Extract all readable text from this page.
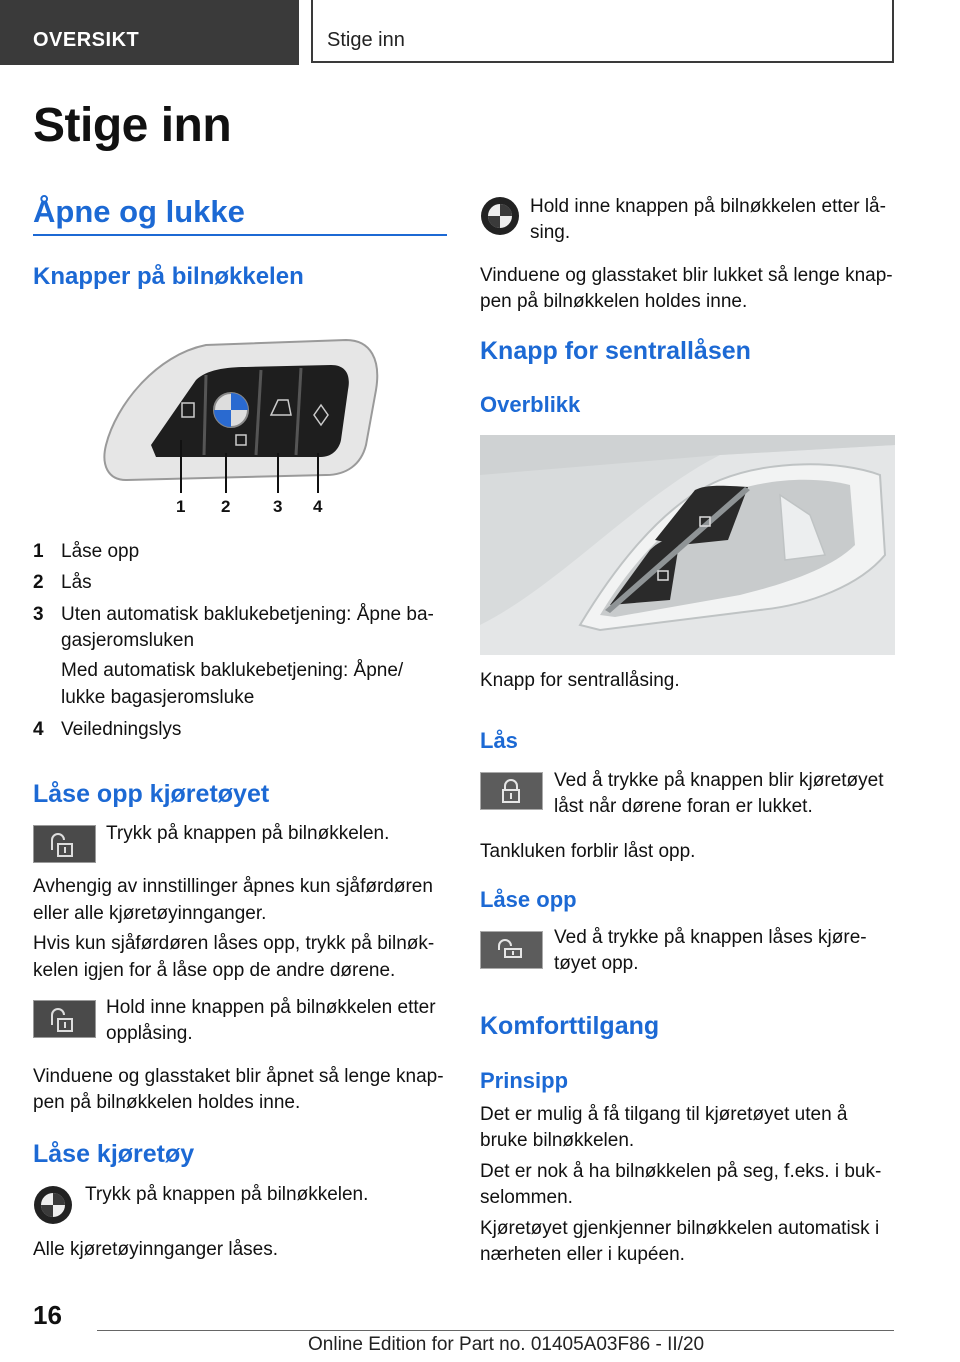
OVERSIKT	Stige inn
Stige inn
Åpne og lukke
Knapper på bilnøkkelen
1 2	3 4
1 Låse opp
2 Lås
3 Uten automatisk baklukebetjening: Åpne ba-
gasjeromsluken
Med automatisk baklukebetjening: Åpne/
lukke bagasjeromsluke
4 Veiledningslys
Låse opp kjøretøyet
Trykk på knappen på bilnøkkelen.
Avhengig av innstillinger åpnes kun sjåførdøren
eller alle kjøretøyinnganger.
Hvis kun sjåførdøren låses opp, trykk på bilnøk-
kelen igjen for å låse opp de andre dørene.
Hold inne knappen på bilnøkkelen etter
opplåsing.
Vinduene og glasstaket blir åpnet så lenge knap-
pen på bilnøkkelen holdes inne.
Låse kjøretøy
Trykk på knappen på bilnøkkelen.
Alle kjøretøyinnganger låses.
Hold inne knappen på bilnøkkelen etter lå-
sing.
Vinduene og glasstaket blir lukket så lenge knap-
pen på bilnøkkelen holdes inne.
Knapp for sentrallåsen
Overblikk
Knapp for sentrallåsing.
Lås
Ved å trykke på knappen blir kjøretøyet
låst når dørene foran er lukket.
Tankluken forblir låst opp.
Låse opp
Ved å trykke på knappen låses kjøre-
tøyet opp.
Komforttilgang
Prinsipp
Det er mulig å få tilgang til kjøretøyet uten å
bruke bilnøkkelen.
Det er nok å ha bilnøkkelen på seg, f.eks. i buk-
selommen.
Kjøretøyet gjenkjenner bilnøkkelen automatisk i
nærheten eller i kupéen.
16
Online Edition for Part no. 01405A03F86 - II/20
